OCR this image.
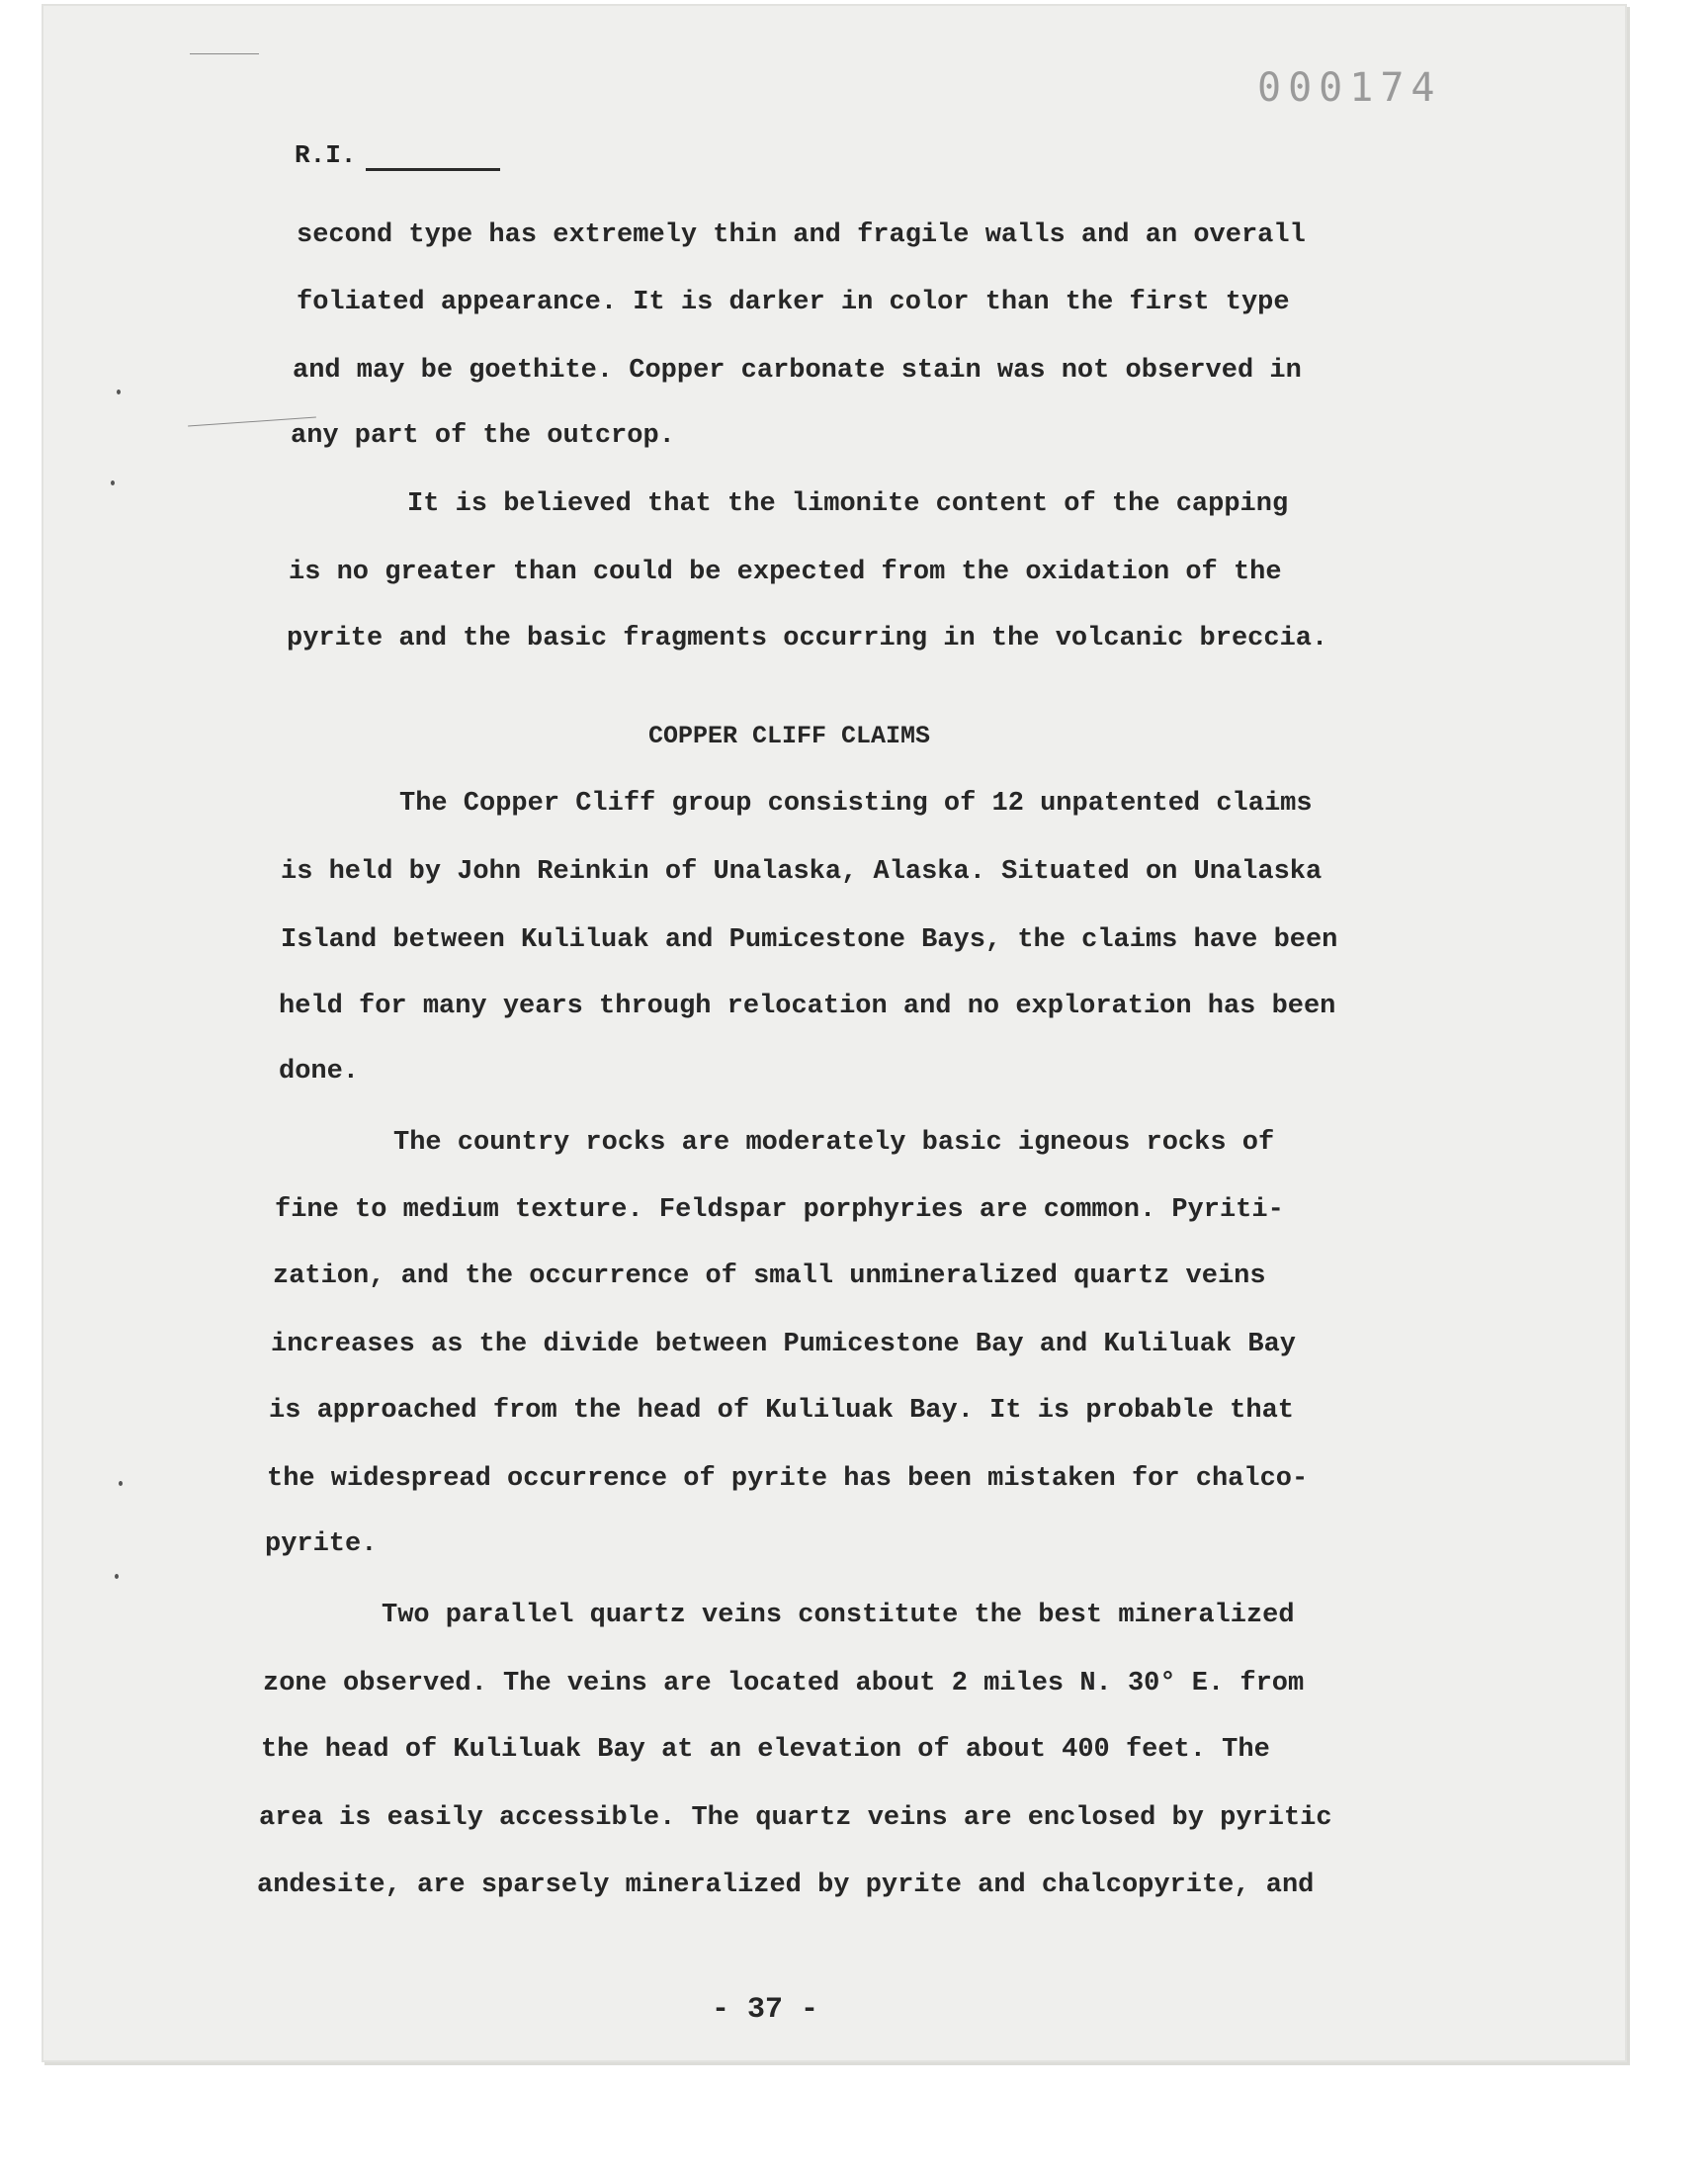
000174
R.I.
second type has extremely thin and fragile walls and an overall
foliated appearance. It is darker in color than the first type
and may be goethite. Copper carbonate stain was not observed in
any part of the outcrop.
It is believed that the limonite content of the capping
is no greater than could be expected from the oxidation of the
pyrite and the basic fragments occurring in the volcanic breccia.
COPPER CLIFF CLAIMS
The Copper Cliff group consisting of 12 unpatented claims
is held by John Reinkin of Unalaska, Alaska. Situated on Unalaska
Island between Kuliluak and Pumicestone Bays, the claims have been
held for many years through relocation and no exploration has been
done.
The country rocks are moderately basic igneous rocks of
fine to medium texture. Feldspar porphyries are common. Pyriti-
zation, and the occurrence of small unmineralized quartz veins
increases as the divide between Pumicestone Bay and Kuliluak Bay
is approached from the head of Kuliluak Bay. It is probable that
the widespread occurrence of pyrite has been mistaken for chalco-
pyrite.
Two parallel quartz veins constitute the best mineralized
zone observed. The veins are located about 2 miles N. 30° E. from
the head of Kuliluak Bay at an elevation of about 400 feet. The
area is easily accessible. The quartz veins are enclosed by pyritic
andesite, are sparsely mineralized by pyrite and chalcopyrite, and
- 37 -
